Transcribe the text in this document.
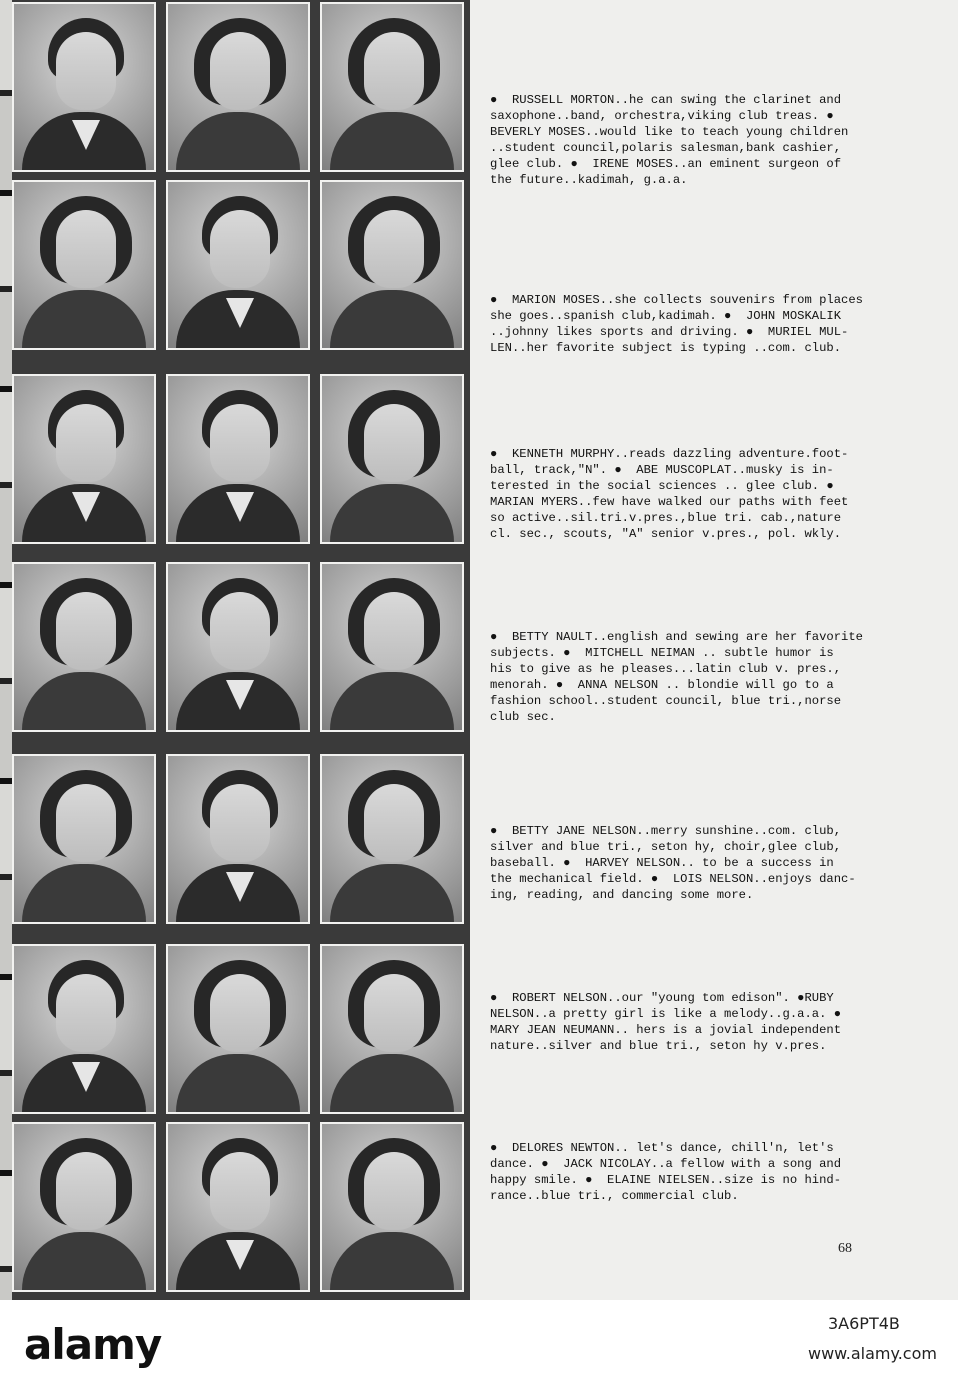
●  RUSSELL MORTON..he can swing the clarinet and
saxophone..band, orchestra,viking club treas. ●
BEVERLY MOSES..would like to teach young children
..student council,polaris salesman,bank cashier,
glee club. ●  IRENE MOSES..an eminent surgeon of
the future..kadimah, g.a.a.

●  MARION MOSES..she collects souvenirs from places
she goes..spanish club,kadimah. ●  JOHN MOSKALIK
..johnny likes sports and driving. ●  MURIEL MUL-
LEN..her favorite subject is typing ..com. club.

●  KENNETH MURPHY..reads dazzling adventure.foot-
ball, track,"N". ●  ABE MUSCOPLAT..musky is in-
terested in the social sciences .. glee club. ●
MARIAN MYERS..few have walked our paths with feet
so active..sil.tri.v.pres.,blue tri. cab.,nature
cl. sec., scouts, "A" senior v.pres., pol. wkly.

●  BETTY NAULT..english and sewing are her favorite
subjects. ●  MITCHELL NEIMAN .. subtle humor is
his to give as he pleases...latin club v. pres.,
menorah. ●  ANNA NELSON .. blondie will go to a
fashion school..student council, blue tri.,norse
club sec.

●  BETTY JANE NELSON..merry sunshine..com. club,
silver and blue tri., seton hy, choir,glee club,
baseball. ●  HARVEY NELSON.. to be a success in
the mechanical field. ●  LOIS NELSON..enjoys danc-
ing, reading, and dancing some more.

●  ROBERT NELSON..our "young tom edison". ●RUBY
NELSON..a pretty girl is like a melody..g.a.a. ●
MARY JEAN NEUMANN.. hers is a jovial independent
nature..silver and blue tri., seton hy v.pres.

●  DELORES NEWTON.. let's dance, chill'n, let's
dance. ●  JACK NICOLAY..a fellow with a song and
happy smile. ●  ELAINE NIELSEN..size is no hind-
rance..blue tri., commercial club.

68

alamy	3A6PT4B

www.alamy.com
